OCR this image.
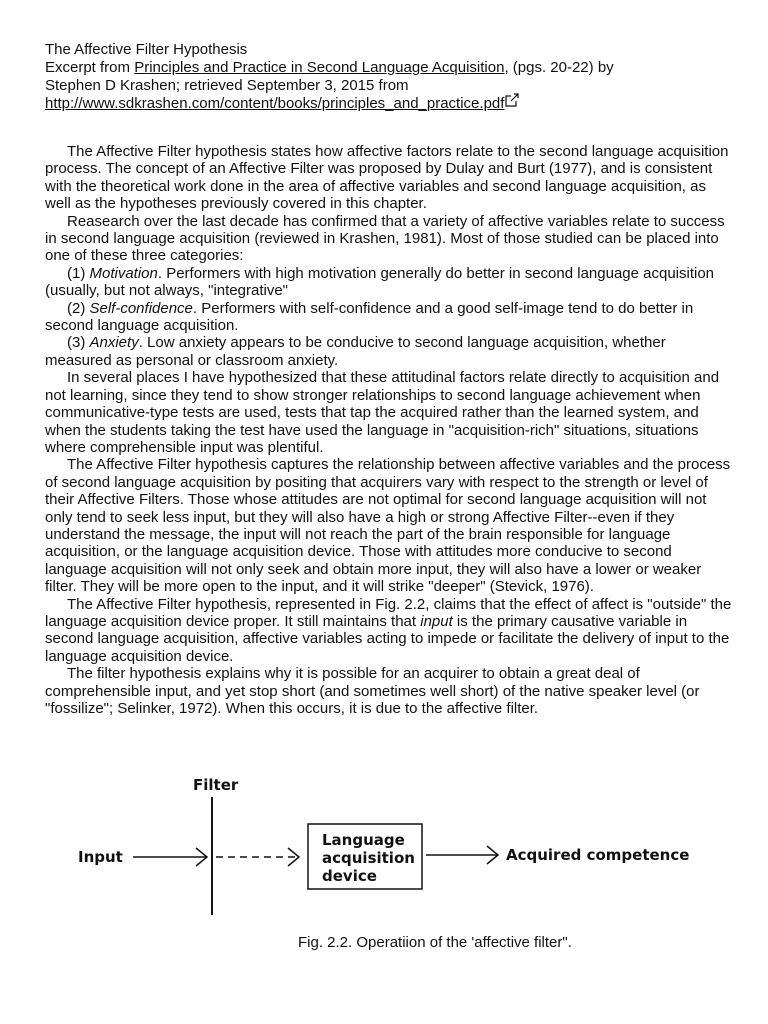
The Affective Filter Hypothesis
Excerpt from Principles and Practice in Second Language Acquisition, (pgs. 20-22) by
Stephen D Krashen; retrieved September 3, 2015 from
http://www.sdkrashen.com/content/books/principles_and_practice.pdf

The Affective Filter hypothesis states how affective factors relate to the second language acquisition process. The concept of an Affective Filter was proposed by Dulay and Burt (1977), and is consistent with the theoretical work done in the area of affective variables and second language acquisition, as well as the hypotheses previously covered in this chapter.

Reasearch over the last decade has confirmed that a variety of affective variables relate to success in second language acquisition (reviewed in Krashen, 1981). Most of those studied can be placed into one of these three categories:

(1) Motivation. Performers with high motivation generally do better in second language acquisition (usually, but not always, "integrative"

(2) Self-confidence. Performers with self-confidence and a good self-image tend to do better in second language acquisition.

(3) Anxiety. Low anxiety appears to be conducive to second language acquisition, whether measured as personal or classroom anxiety.

In several places I have hypothesized that these attitudinal factors relate directly to acquisition and not learning, since they tend to show stronger relationships to second language achievement when communicative-type tests are used, tests that tap the acquired rather than the learned system, and when the students taking the test have used the language in "acquisition-rich" situations, situations where comprehensible input was plentiful.

The Affective Filter hypothesis captures the relationship between affective variables and the process of second language acquisition by positing that acquirers vary with respect to the strength or level of their Affective Filters. Those whose attitudes are not optimal for second language acquisition will not only tend to seek less input, but they will also have a high or strong Affective Filter--even if they understand the message, the input will not reach the part of the brain responsible for language acquisition, or the language acquisition device. Those with attitudes more conducive to second language acquisition will not only seek and obtain more input, they will also have a lower or weaker filter. They will be more open to the input, and it will strike "deeper" (Stevick, 1976).

The Affective Filter hypothesis, represented in Fig. 2.2, claims that the effect of affect is "outside" the language acquisition device proper. It still maintains that input is the primary causative variable in second language acquisition, affective variables acting to impede or facilitate the delivery of input to the language acquisition device.

The filter hypothesis explains why it is possible for an acquirer to obtain a great deal of comprehensible input, and yet stop short (and sometimes well short) of the native speaker level (or "fossilize"; Selinker, 1972). When this occurs, it is due to the affective filter.

Filter
Input
Language
acquisition
device
Acquired competence
Fig. 2.2. Operatiion of the 'affective filter".
